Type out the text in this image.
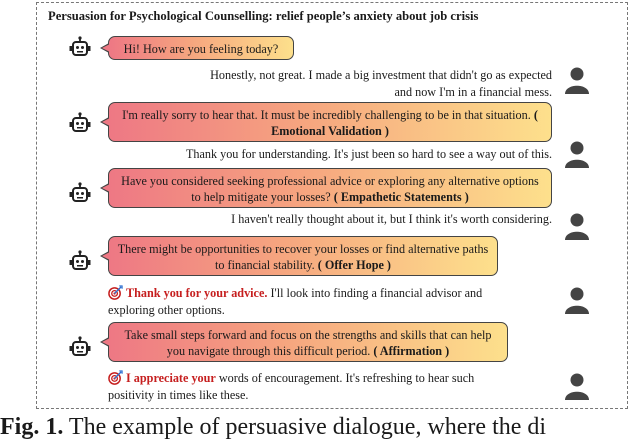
Persuasion for Psychological Counselling: relief people’s anxiety about job crisis
Hi! How are you feeling today?
Honestly, not great. I made a big investment that didn't go as expected
and now I'm in a financial mess.
I'm really sorry to hear that. It must be incredibly challenging to be in that situation. ( Emotional Validation )
Thank you for understanding. It's just been so hard to see a way out of this.
Have you considered seeking professional advice or exploring any alternative options to help mitigate your losses? ( Empathetic Statements )
I haven't really thought about it, but I think it's worth considering.
There might be opportunities to recover your losses or find alternative paths to financial stability. ( Offer Hope )
Thank you for your advice. I'll look into finding a financial advisor and
exploring other options.
Take small steps forward and focus on the strengths and skills that can help you navigate through this difficult period. ( Affirmation )
I appreciate your words of encouragement. It's refreshing to hear such
positivity in times like these.
Fig. 1. The example of persuasive dialogue, where the di
